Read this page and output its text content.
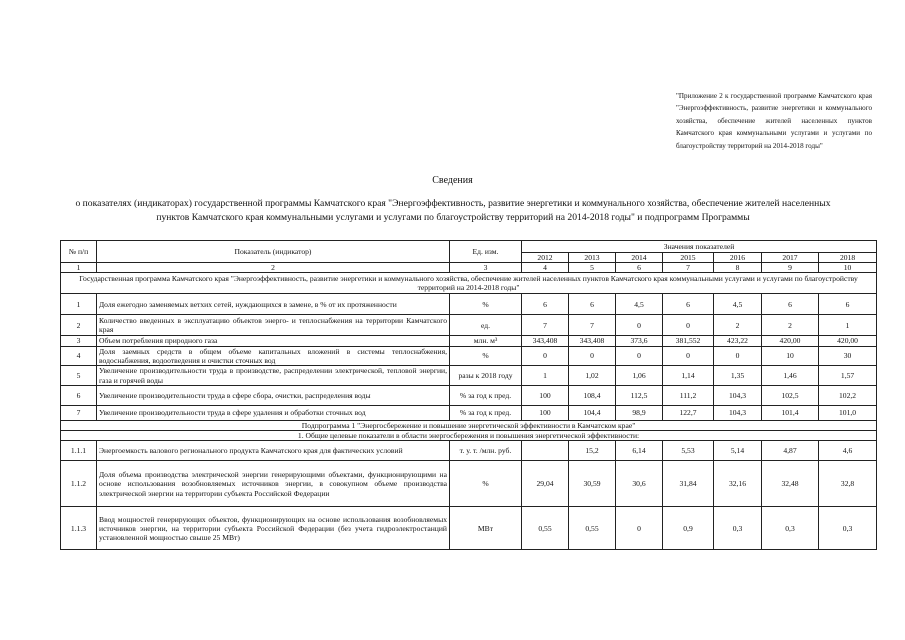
"Приложение 2 к государственной программе Камчатского края "Энергоэффективность, развитие энергетики и коммунального хозяйства, обеспечение жителей населенных пунктов Камчатского края коммунальными услугами и услугами по благоустройству территорий на 2014-2018 годы"
Сведения
о показателях (индикаторах) государственной программы Камчатского края "Энергоэффективность, развитие энергетики и коммунального хозяйства, обеспечение жителей населенных пунктов Камчатского края коммунальными услугами и услугами по благоустройству территорий на 2014-2018 годы" и подпрограмм Программы
№ п/п	Показатель (индикатор)	Ед. изм.	Значения показателей						
			2012	2013	2014	2015	2016	2017	2018
1	2	3	4	5	6	7	8	9	10
Государственная программа Камчатского края "Энергоэффективность, развитие энергетики и коммунального хозяйства, обеспечение жителей населенных пунктов Камчатского края коммунальными услугами и услугами по благоустройству территорий на 2014-2018 годы"									
1	Доля ежегодно заменяемых ветхих сетей, нуждающихся в замене, в % от их протяженности	%	6	6	4,5	6	4,5	6	6
2	Количество введенных в эксплуатацию объектов энерго- и теплоснабжения на территории Камчатского края	ед.	7	7	0	0	2	2	1
3	Объем потребления природного газа	млн. м³	343,408	343,408	373,6	381,552	423,22	420,00	420,00
4	Доля заемных средств в общем объеме капитальных вложений в системы теплоснабжения, водоснабжения, водоотведения и очистки сточных вод	%	0	0	0	0	0	10	30
5	Увеличение производительности труда в производстве, распределении электрической, тепловой энергии, газа и горячей воды	разы к 2018 году	1	1,02	1,06	1,14	1,35	1,46	1,57
6	Увеличение производительности труда в сфере сбора, очистки, распределения воды	% за год к пред.	100	108,4	112,5	111,2	104,3	102,5	102,2
7	Увеличение производительности труда в сфере удаления и обработки сточных вод	% за год к пред.	100	104,4	98,9	122,7	104,3	101,4	101,0
Подпрограмма 1 "Энергосбережение и повышение энергетической эффективности в Камчатском крае"									
1. Общие целевые показатели в области энергосбережения и повышения энергетической эффективности:									
1.1.1	Энергоемкость валового регионального продукта Камчатского края для фактических условий	т. у. т. /млн. руб.		15,2	6,14	5,53	5,14	4,87	4,6
1.1.2	Доля объема производства электрической энергии генерирующими объектами, функционирующими на основе использования возобновляемых источников энергии, в совокупном объеме производства электрической энергии на территории субъекта Российской Федерации	%	29,04	30,59	30,6	31,84	32,16	32,48	32,8
1.1.3	Ввод мощностей генерирующих объектов, функционирующих на основе использования возобновляемых источников энергии, на территории субъекта Российской Федерации (без учета гидроэлектростанций установленной мощностью свыше 25 МВт)	МВт	0,55	0,55	0	0,9	0,3	0,3	0,3
